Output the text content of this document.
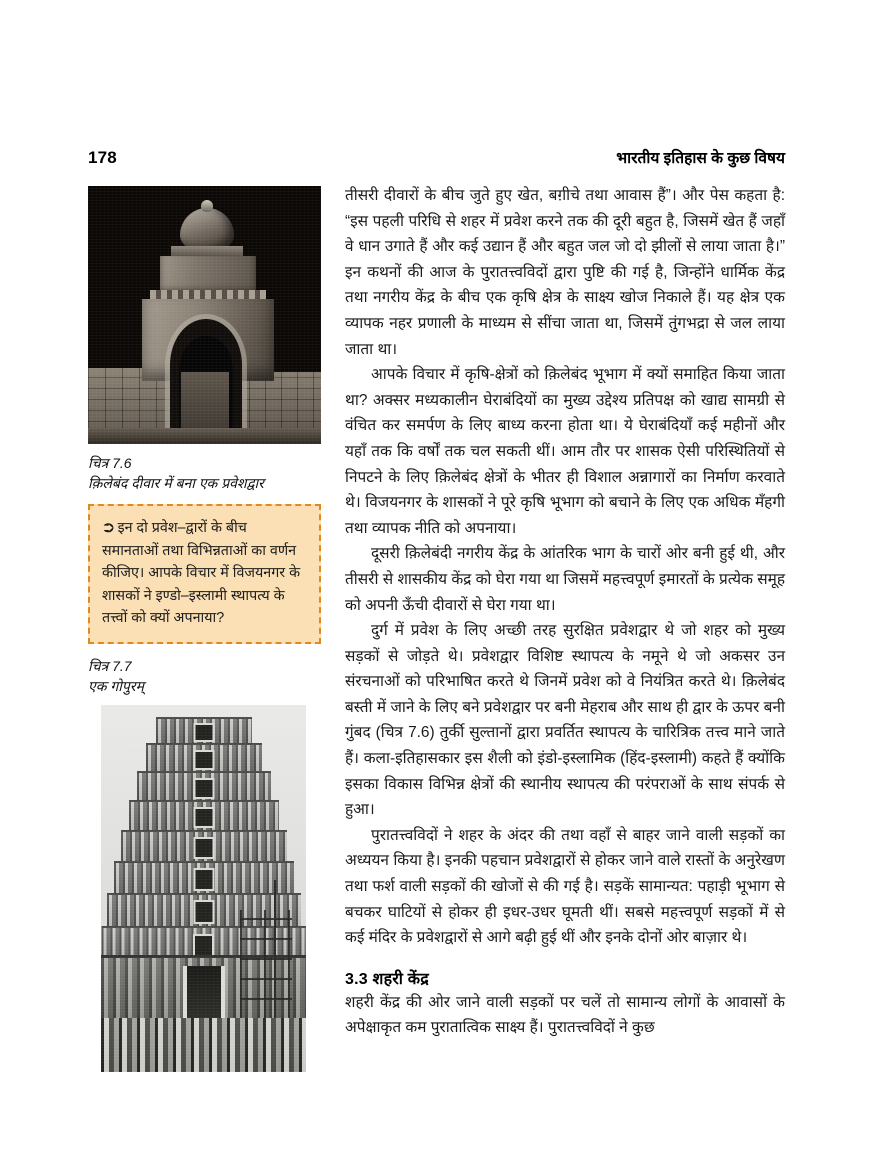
178	भारतीय इतिहास के कुछ विषय
चित्र 7.6
क़िलेबंद दीवार में बना एक प्रवेशद्वार
➲ इन दो प्रवेश–द्वारों के बीच समानताओं तथा विभिन्नताओं का वर्णन कीजिए। आपके विचार में विजयनगर के शासकों ने इण्डो–इस्लामी स्थापत्य के तत्त्वों को क्यों अपनाया?
चित्र 7.7
एक गोपुरम्

तीसरी दीवारों के बीच जुते हुए खेत, बग़ीचे तथा आवास हैं”। और पेस कहता है: “इस पहली परिधि से शहर में प्रवेश करने तक की दूरी बहुत है, जिसमें खेत हैं जहाँ वे धान उगाते हैं और कई उद्यान हैं और बहुत जल जो दो झीलों से लाया जाता है।” इन कथनों की आज के पुरातत्त्वविदों द्वारा पुष्टि की गई है, जिन्होंने धार्मिक केंद्र तथा नगरीय केंद्र के बीच एक कृषि क्षेत्र के साक्ष्य खोज निकाले हैं। यह क्षेत्र एक व्यापक नहर प्रणाली के माध्यम से सींचा जाता था, जिसमें तुंगभद्रा से जल लाया जाता था।

आपके विचार में कृषि-क्षेत्रों को क़िलेबंद भूभाग में क्यों समाहित किया जाता था? अक्सर मध्यकालीन घेराबंदियों का मुख्य उद्देश्य प्रतिपक्ष को खाद्य सामग्री से वंचित कर समर्पण के लिए बाध्य करना होता था। ये घेराबंदियाँ कई महीनों और यहाँ तक कि वर्षों तक चल सकती थीं। आम तौर पर शासक ऐसी परिस्थितियों से निपटने के लिए क़िलेबंद क्षेत्रों के भीतर ही विशाल अन्नागारों का निर्माण करवाते थे। विजयनगर के शासकों ने पूरे कृषि भूभाग को बचाने के लिए एक अधिक मँहगी तथा व्यापक नीति को अपनाया।

दूसरी क़िलेबंदी नगरीय केंद्र के आंतरिक भाग के चारों ओर बनी हुई थी, और तीसरी से शासकीय केंद्र को घेरा गया था जिसमें महत्त्वपूर्ण इमारतों के प्रत्येक समूह को अपनी ऊँची दीवारों से घेरा गया था।

दुर्ग में प्रवेश के लिए अच्छी तरह सुरक्षित प्रवेशद्वार थे जो शहर को मुख्य सड़कों से जोड़ते थे। प्रवेशद्वार विशिष्ट स्थापत्य के नमूने थे जो अकसर उन संरचनाओं को परिभाषित करते थे जिनमें प्रवेश को वे नियंत्रित करते थे। क़िलेबंद बस्ती में जाने के लिए बने प्रवेशद्वार पर बनी मेहराब और साथ ही द्वार के ऊपर बनी गुंबद (चित्र 7.6) तुर्की सुल्तानों द्वारा प्रवर्तित स्थापत्य के चारित्रिक तत्त्व माने जाते हैं। कला-इतिहासकार इस शैली को इंडो-इस्लामिक (हिंद-इस्लामी) कहते हैं क्योंकि इसका विकास विभिन्न क्षेत्रों की स्थानीय स्थापत्य की परंपराओं के साथ संपर्क से हुआ।

पुरातत्त्वविदों ने शहर के अंदर की तथा वहाँ से बाहर जाने वाली सड़कों का अध्ययन किया है। इनकी पहचान प्रवेशद्वारों से होकर जाने वाले रास्तों के अनुरेखण तथा फर्श वाली सड़कों की खोजों से की गई है। सड़कें सामान्यत: पहाड़ी भूभाग से बचकर घाटियों से होकर ही इधर-उधर घूमती थीं। सबसे महत्त्वपूर्ण सड़कों में से कई मंदिर के प्रवेशद्वारों से आगे बढ़ी हुई थीं और इनके दोनों ओर बाज़ार थे।

3.3 शहरी केंद्र

शहरी केंद्र की ओर जाने वाली सड़कों पर चलें तो सामान्य लोगों के आवासों के अपेक्षाकृत कम पुरातात्विक साक्ष्य हैं। पुरातत्त्वविदों ने कुछ
